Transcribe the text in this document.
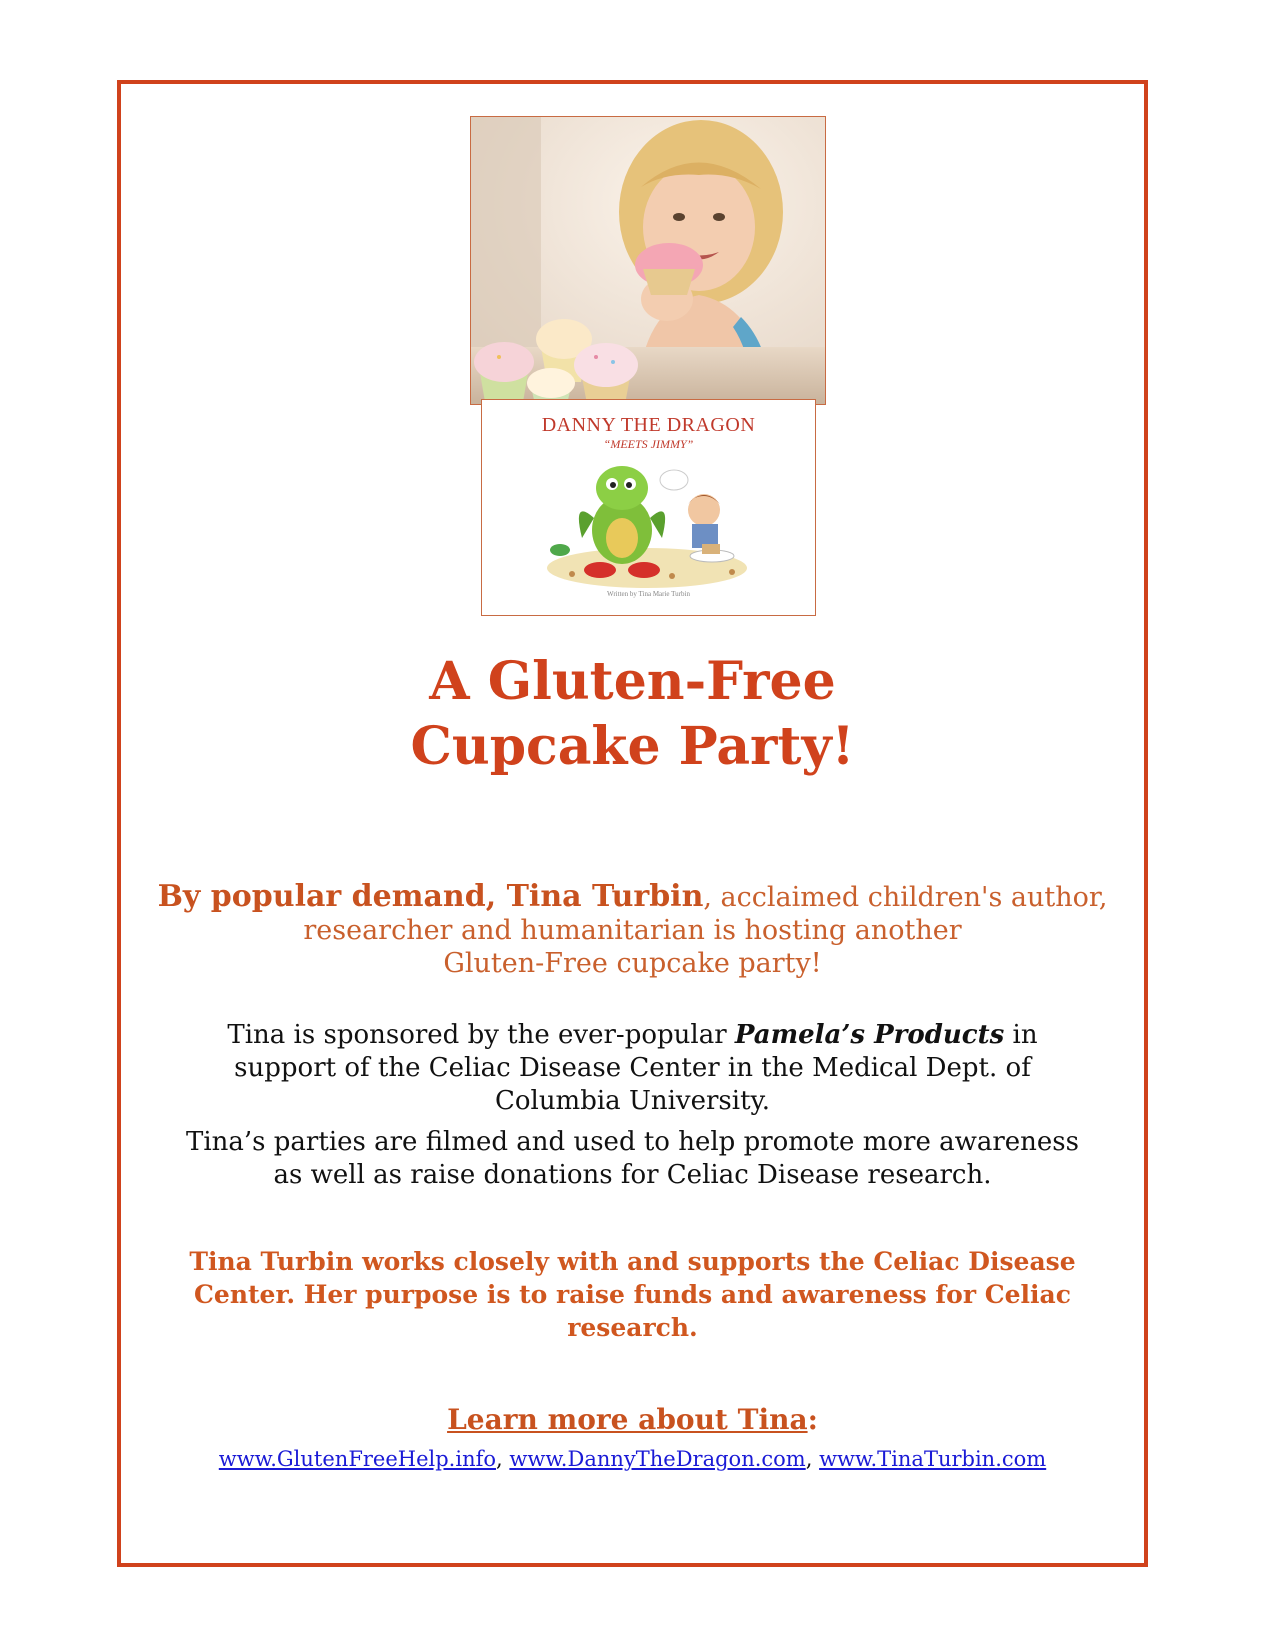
DANNY THE DRAGON
“MEETS JIMMY”
Written by Tina Marie Turbin
A Gluten-Free
Cupcake Party!
By popular demand, Tina Turbin, acclaimed children's author,
researcher and humanitarian is hosting another
Gluten-Free cupcake party!
Tina is sponsored by the ever-popular Pamela’s Products in support of the Celiac Disease Center in the Medical Dept. of Columbia University.
Tina’s parties are filmed and used to help promote more awareness as well as raise donations for Celiac Disease research.
Tina Turbin works closely with and supports the Celiac Disease Center. Her purpose is to raise funds and awareness for Celiac research.
Learn more about Tina:
www.GlutenFreeHelp.info, www.DannyTheDragon.com, www.TinaTurbin.com
